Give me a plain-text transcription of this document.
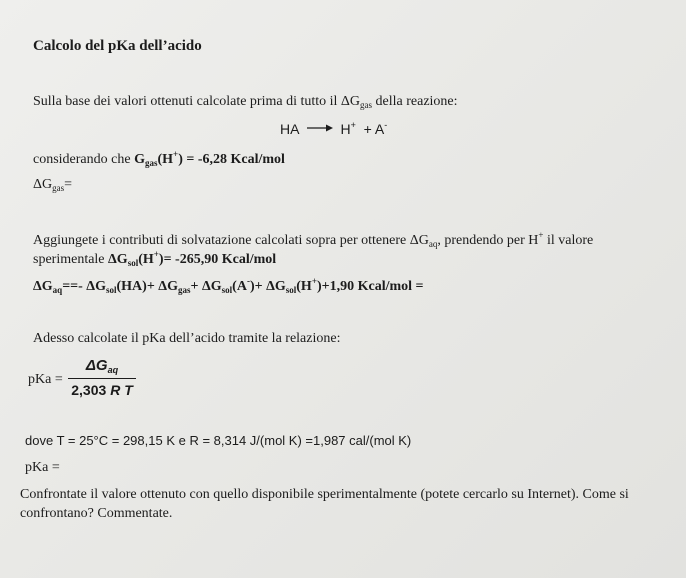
Calcolo del pKa dell’acido
Sulla base dei valori ottenuti calcolate prima di tutto il $\Delta G_{gas}$ della reazione:
HA → H+ + A-
considerando che $G_{gas}(H^+) = -6,28$ Kcal/mol
$\Delta G_{gas}=$
Aggiungete i contributi di solvatazione calcolati sopra per ottenere $\Delta G_{aq}$, prendendo per H+ il valore
sperimentale $\Delta G_{sol}(H^+)= -265,90$ Kcal/mol
$\Delta G_{aq}==-$ $\Delta G_{sol}(HA)+ \Delta G_{gas}+ \Delta G_{sol}(A^-)+ \Delta G_{sol}(H^+)+1,90$ Kcal/mol =
Adesso calcolate il pKa dell’acido tramite la relazione:
pKa =
$\Delta G_{aq}$
2,303 R T
dove T = 25°C = 298,15 K e R = 8,314 J/(mol K) =1,987 cal/(mol K)
pKa =
Confrontate il valore ottenuto con quello disponibile sperimentalmente (potete cercarlo su Internet). Come si
confrontano? Commentate.
